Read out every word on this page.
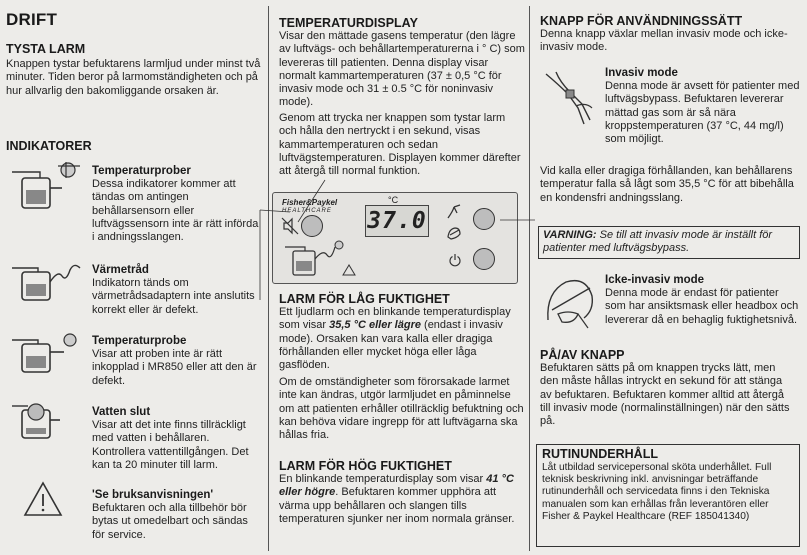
DRIFT
TYSTA LARM

Knappen tystar befuktarens larmljud under minst två minuter. Tiden beror på larmomständigheten och på hur allvarlig den bakomliggande orsaken är.

INDIKATORER
Temperaturprober

Dessa indikatorer kommer att tändas om antingen behållarsensorn eller luftvägssensorn inte är rätt införda i andningsslangen.

Värmetråd

Indikatorn tänds om värmetrådsadaptern inte anslutits korrekt eller är defekt.

Temperaturprobe

Visar att proben inte är rätt inkopplad i MR850 eller att den är defekt.

Vatten slut

Visar att det inte finns tillräckligt med vatten i behållaren. Kontrollera vattentillgången. Det kan ta 20 minuter till larm.

'Se bruksanvisningen'

Befuktaren och alla tillbehör bör bytas ut omedelbart och sändas för service.

TEMPERATURDISPLAY

Visar den mättade gasens temperatur (den lägre av luftvägs- och behållartemperaturerna i ° C) som levereras till patienten. Denna display visar normalt kammartemperaturen (37 ± 0,5 °C för invasiv mode och 31 ± 0.5 °C för noninvasiv mode).

Genom att trycka ner knappen som tystar larm och hålla den nertryckt i en sekund, visas kammartemperaturen och sedan luftvägstemperaturen. Displayen kommer därefter att återgå till normal funktion.

Fisher&Paykel
HEALTHCARE
°C
37.0
LARM FÖR LÅG FUKTIGHET

Ett ljudlarm och en blinkande temperaturdisplay som visar 35,5 °C eller lägre (endast i invasiv mode). Orsaken kan vara kalla eller dragiga förhållanden eller mycket höga eller låga gasflöden.

Om de omständigheter som förorsakade larmet inte kan ändras, utgör larmljudet en påminnelse om att patienten erhåller otillräcklig befuktning och kan behöva vidare ingrepp för att luftvägarna ska hållas fria.

LARM FÖR HÖG FUKTIGHET

En blinkande temperaturdisplay som visar 41 °C eller högre. Befuktaren kommer upphöra att värma upp behållaren och slangen tills temperaturen sjunker ner inom normala gränser.

KNAPP FÖR ANVÄNDNINGSSÄTT

Denna knapp växlar mellan invasiv mode och icke-invasiv mode.

Invasiv mode

Denna mode är avsett för patienter med luftvägsbypass. Befuktaren levererar mättad gas som är så nära kroppstemperaturen (37 °C, 44 mg/l) som möjligt.

Vid kalla eller dragiga förhållanden, kan behållarens temperatur falla så lågt som 35,5 °C för att bibehålla en kondensfri andningsslang.

VARNING: Se till att invasiv mode är inställt för patienter med luftvägsbypass.
Icke-invasiv mode

Denna mode är endast för patienter som har ansiktsmask eller headbox och levererar då en behaglig fuktighetsnivå.

PÅ/AV KNAPP

Befuktaren sätts på om knappen trycks lätt, men den måste hållas intryckt en sekund för att stänga av befuktaren. Befuktaren kommer alltid att återgå till invasiv mode (normalinställningen) när den sätts på.

RUTINUNDERHÅLL

Låt utbildad servicepersonal sköta underhållet. Full teknisk beskrivning inkl. anvisningar beträffande rutinunderhåll och servicedata finns i den Tekniska manualen som kan erhållas från leverantören eller Fisher & Paykel Healthcare (REF 185041340)
